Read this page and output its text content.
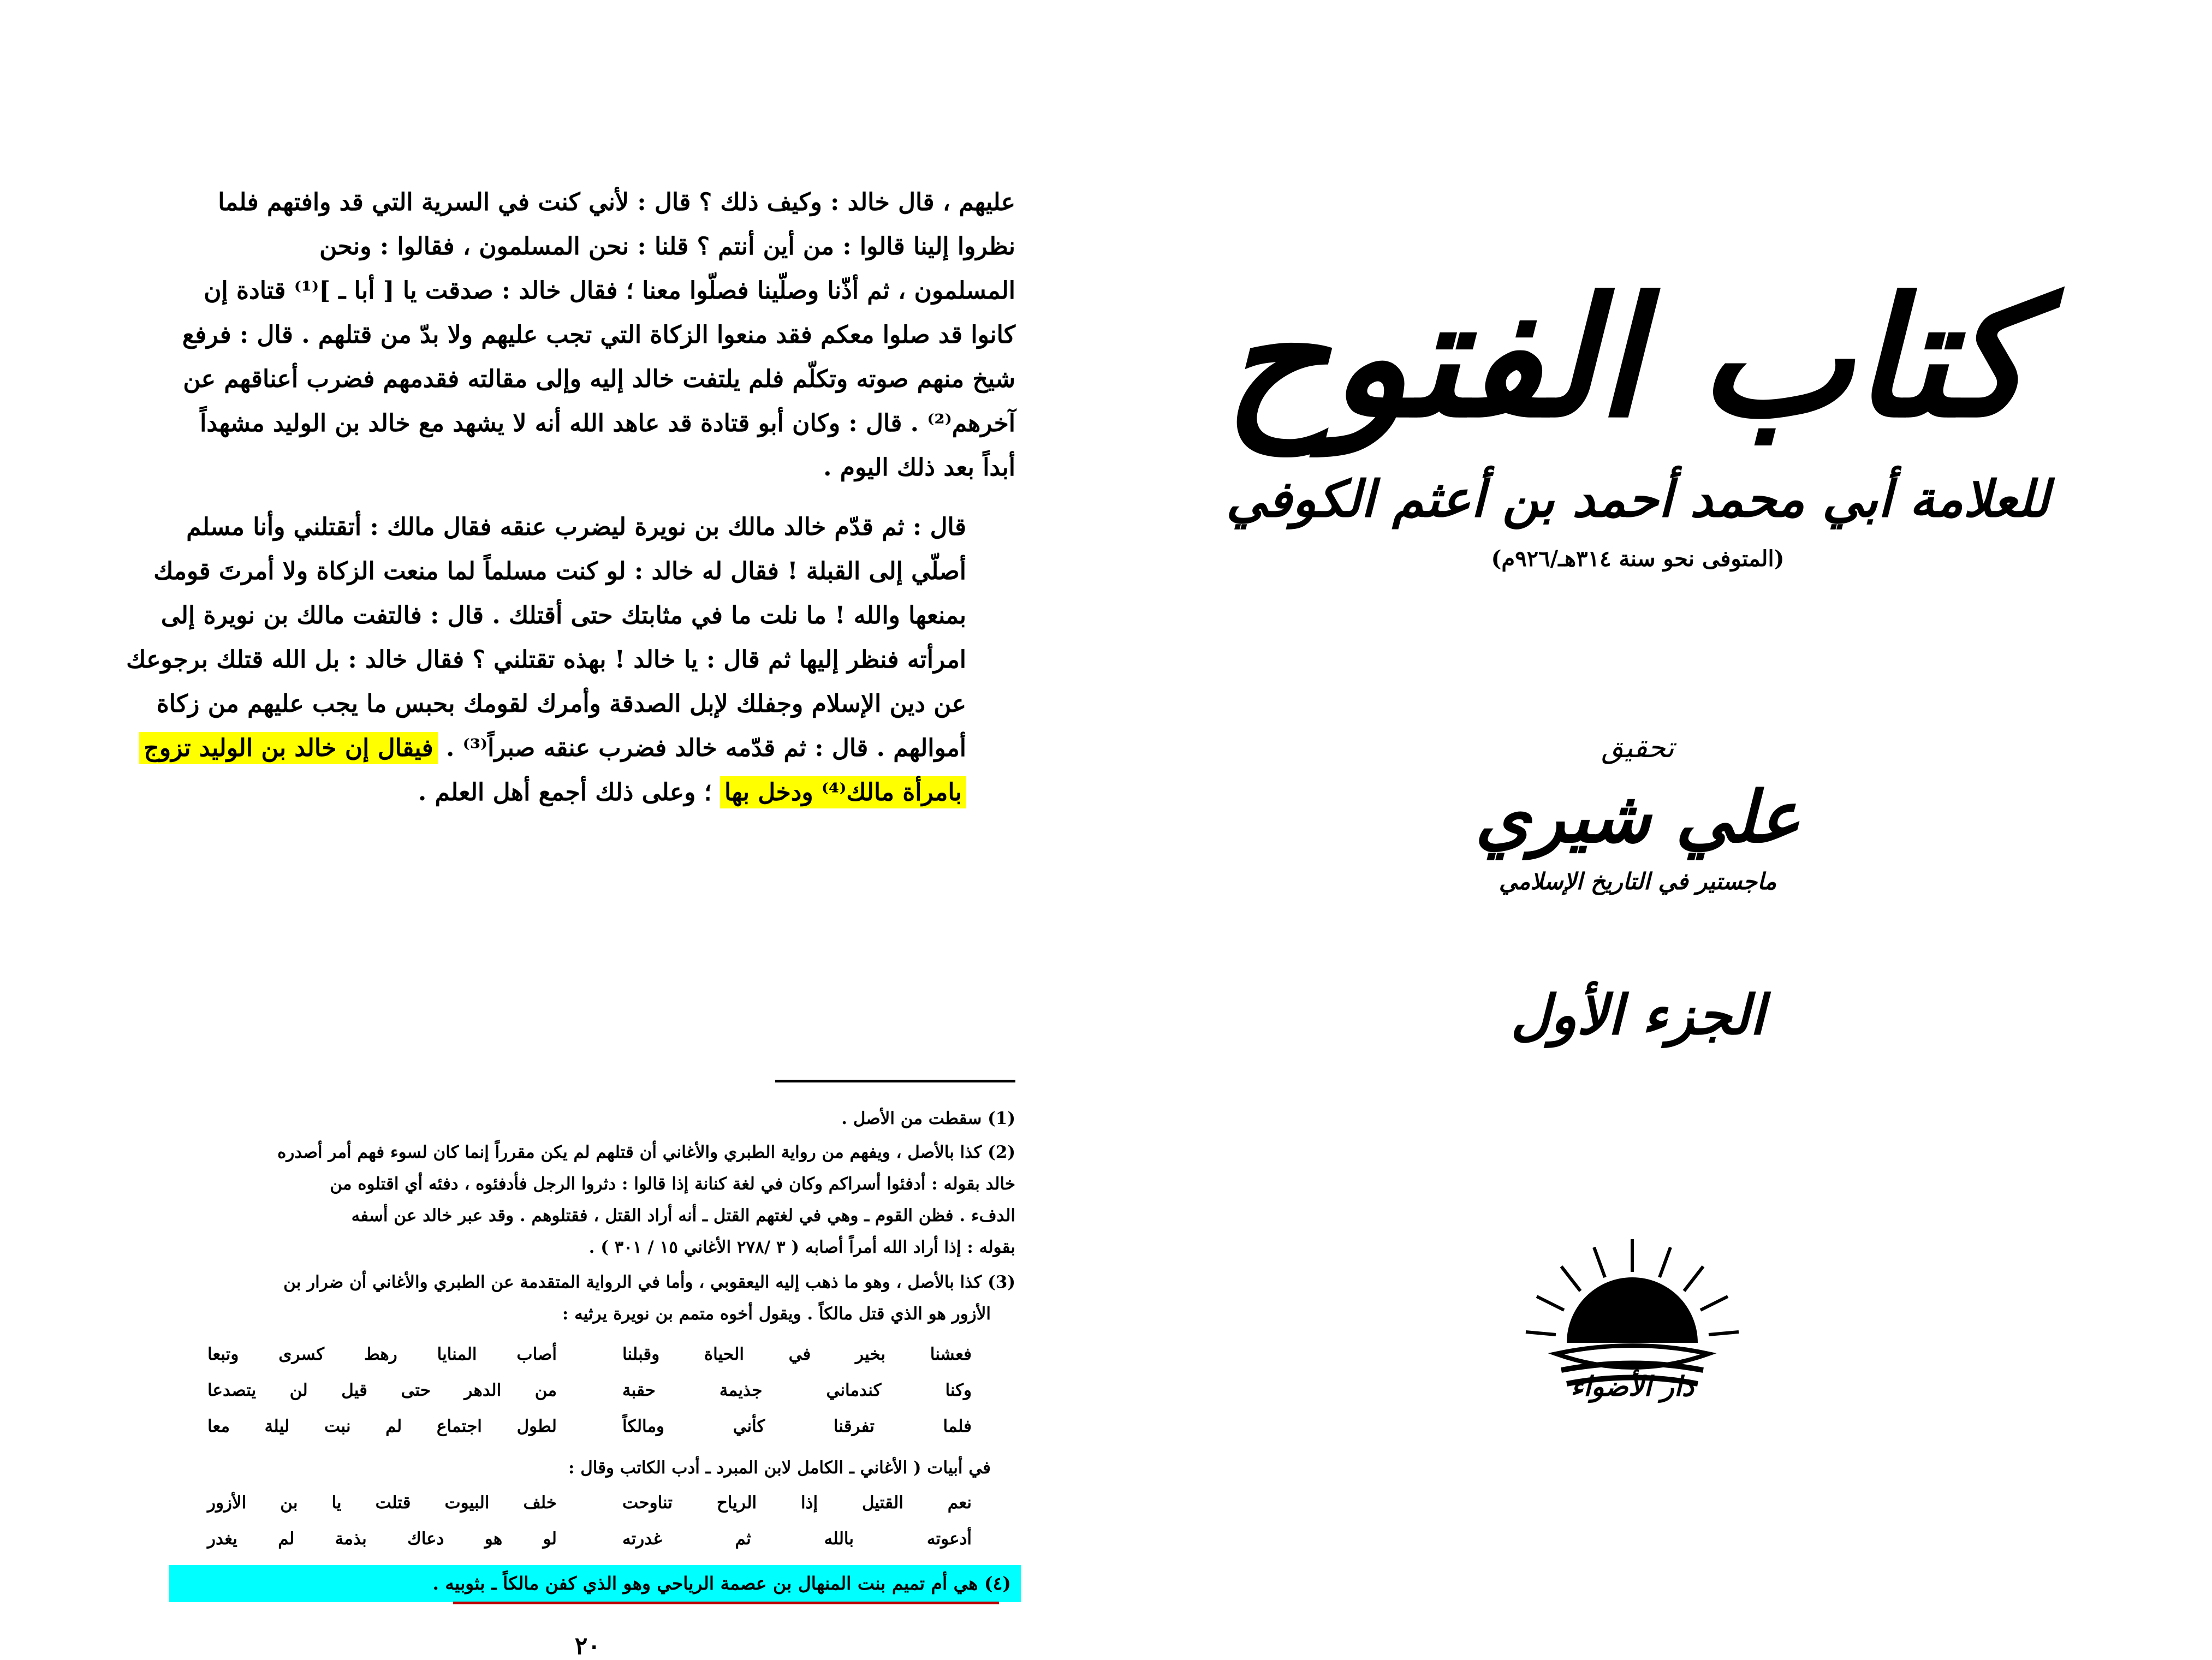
عليهم ، قال خالد : وكيف ذلك ؟ قال : لأني كنت في السرية التي قد وافتهم فلما
نظروا إلينا قالوا : من أين أنتم ؟ قلنا : نحن المسلمون ، فقالوا : ونحن
المسلمون ، ثم أذّنا وصلّينا فصلّوا معنا ؛ فقال خالد : صدقت يا [ أبا ـ ]⁽¹⁾ قتادة إن
كانوا قد صلوا معكم فقد منعوا الزكاة التي تجب عليهم ولا بدّ من قتلهم . قال : فرفع
شيخ منهم صوته وتكلّم فلم يلتفت خالد إليه وإلى مقالته فقدمهم فضرب أعناقهم عن
آخرهم⁽²⁾ . قال : وكان أبو قتادة قد عاهد الله أنه لا يشهد مع خالد بن الوليد مشهداً
أبداً بعد ذلك اليوم .
قال : ثم قدّم خالد مالك بن نويرة ليضرب عنقه فقال مالك : أتقتلني وأنا مسلم
أصلّي إلى القبلة ! فقال له خالد : لو كنت مسلماً لما منعت الزكاة ولا أمرتَ قومك
بمنعها والله ! ما نلت ما في مثابتك حتى أقتلك . قال : فالتفت مالك بن نويرة إلى
امرأته فنظر إليها ثم قال : يا خالد ! بهذه تقتلني ؟ فقال خالد : بل الله قتلك برجوعك
عن دين الإسلام وجفلك لإبل الصدقة وأمرك لقومك بحبس ما يجب عليهم من زكاة
أموالهم . قال : ثم قدّمه خالد فضرب عنقه صبراً⁽³⁾ . فيقال إن خالد بن الوليد تزوج
بامرأة مالك⁽⁴⁾ ودخل بها ؛ وعلى ذلك أجمع أهل العلم .
(1) سقطت من الأصل .
(2) كذا بالأصل ، ويفهم من رواية الطبري والأغاني أن قتلهم لم يكن مقرراً إنما كان لسوء فهم أمر أصدره
خالد بقوله : أدفئوا أسراكم وكان في لغة كنانة إذا قالوا : دثروا الرجل فأدفئوه ، دفئه أي اقتلوه من
الدفء . فظن القوم ـ وهي في لغتهم القتل ـ أنه أراد القتل ، فقتلوهم . وقد عبر خالد عن أسفه
بقوله : إذا أراد الله أمراً أصابه ( ٣ /٢٧٨ الأغاني ١٥ / ٣٠١ ) .
(3) كذا بالأصل ، وهو ما ذهب إليه اليعقوبي ، وأما في الرواية المتقدمة عن الطبري والأغاني أن ضرار بن
الأزور هو الذي قتل مالكاً . ويقول أخوه متمم بن نويرة يرثيه :
فعشنا بخير في الحياة وقبلنا
أصاب المنايا رهط كسرى وتبعا
وكنا كندماني جذيمة حقبة
من الدهر حتى قيل لن يتصدعا
فلما تفرقنا كأني ومالكاً
لطول اجتماع لم نبت ليلة معا
في أبيات ( الأغاني ـ الكامل لابن المبرد ـ أدب الكاتب وقال :
نعم القتيل إذا الرياح تناوحت
خلف البيوت قتلت يا بن الأزور
أدعوته بالله ثم غدرته
لو هو دعاك بذمة لم يغدر
(٤) هي أم تميم بنت المنهال بن عصمة الرياحي وهو الذي كفن مالكاً ـ بثوبيه .
٢٠
كتاب الفتوح
للعلامة أبي محمد أحمد بن أعثم الكوفي
(المتوفى نحو سنة ٣١٤هـ/٩٢٦م)
تحقيق
علي شيري
ماجستير في التاريخ الإسلامي
الجزء الأول
دار الأضواء
